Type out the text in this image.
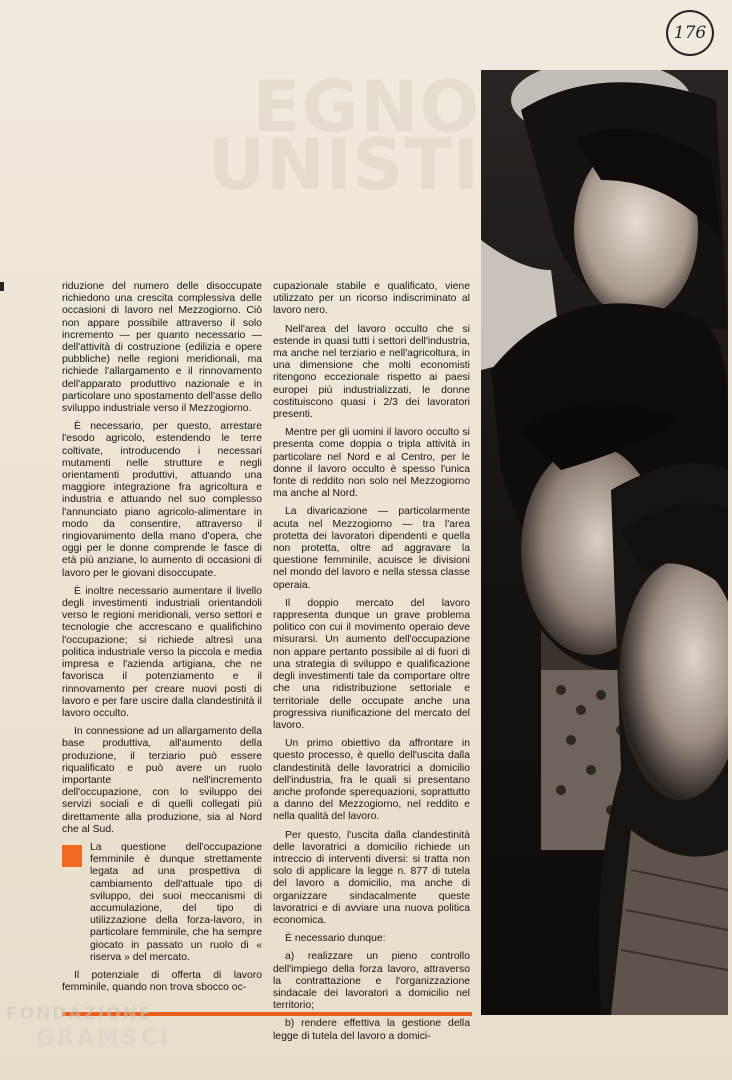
176
EGNO
UNISTI

riduzione del numero delle disoccupate richiedono una crescita complessiva delle occasioni di lavoro nel Mezzogiorno. Ciò non appare possibile attraverso il solo incremento — per quanto necessario — dell'attività di costruzione (edilizia e opere pubbliche) nelle regioni meridionali, ma richiede l'allargamento e il rinnovamento dell'apparato produttivo nazionale e in particolare uno spostamento dell'asse dello sviluppo industriale verso il Mezzogiorno.

È necessario, per questo, arrestare l'esodo agricolo, estendendo le terre coltivate, introducendo i necessari mutamenti nelle strutture e negli orientamenti produttivi, attuando una maggiore integrazione fra agricoltura e industria e attuando nel suo complesso l'annunciato piano agricolo-alimentare in modo da consentire, attraverso il ringiovanimento della mano d'opera, che oggi per le donne comprende le fasce di età più anziane, lo aumento di occasioni di lavoro per le giovani disoccupate.

È inoltre necessario aumentare il livello degli investimenti industriali orientandoli verso le regioni meridionali, verso settori e tecnologie che accrescano e qualifichino l'occupazione; si richiede altresì una politica industriale verso la piccola e media impresa e l'azienda artigiana, che ne favorisca il potenziamento e il rinnovamento per creare nuovi posti di lavoro e per fare uscire dalla clandestinità il lavoro occulto.

In connessione ad un allargamento della base produttiva, all'aumento della produzione, il terziario può essere riqualificato e può avere un ruolo importante nell'incremento dell'occupazione, con lo sviluppo dei servizi sociali e di quelli collegati più direttamente alla produzione, sia al Nord che al Sud.

La questione dell'occupazione femminile è dunque strettamente legata ad una prospettiva di cambiamento dell'attuale tipo di sviluppo, dei suoi meccanismi di accumulazione, del tipo di utilizzazione della forza-lavoro, in particolare femminile, che ha sempre giocato in passato un ruolo di « riserva » del mercato.

Il potenziale di offerta di lavoro femminile, quando non trova sbocco oc-

cupazionale stabile e qualificato, viene utilizzato per un ricorso indiscriminato al lavoro nero.

Nell'area del lavoro occulto che si estende in quasi tutti i settori dell'industria, ma anche nel terziario e nell'agricoltura, in una dimensione che molti economisti ritengono eccezionale rispetto ai paesi europei più industrializzati, le donne costituiscono quasi i 2/3 dei lavoratori presenti.

Mentre per gli uomini il lavoro occulto si presenta come doppia o tripla attività in particolare nel Nord e al Centro, per le donne il lavoro occulto è spesso l'unica fonte di reddito non solo nel Mezzogiorno ma anche al Nord.

La divaricazione — particolarmente acuta nel Mezzogiorno — tra l'area protetta dei lavoratori dipendenti e quella non protetta, oltre ad aggravare la questione femminile, acuisce le divisioni nel mondo del lavoro e nella stessa classe operaia.

Il doppio mercato del lavoro rappresenta dunque un grave problema politico con cui il movimento operaio deve misurarsi. Un aumento dell'occupazione non appare pertanto possibile al di fuori di una strategia di sviluppo e qualificazione degli investimenti tale da comportare oltre che una ridistribuzione settoriale e territoriale delle occupate anche una progressiva riunificazione del mercato del lavoro.

Un primo obiettivo da affrontare in questo processo, è quello dell'uscita dalla clandestinità delle lavoratrici a domicilio dell'industria, fra le quali si presentano anche profonde sperequazioni, soprattutto a danno del Mezzogiorno, nel reddito e nella qualità del lavoro.

Per questo, l'uscita dalla clandestinità delle lavoratrici a domicilio richiede un intreccio di interventi diversi: si tratta non solo di applicare la legge n. 877 di tutela del lavoro a domicilio, ma anche di organizzare sindacalmente queste lavoratrici e di avviare una nuova politica economica.

È necessario dunque:

a) realizzare un pieno controllo dell'impiego della forza lavoro, attraverso la contrattazione e l'organizzazione sindacale dei lavoratori a domicilio nel territorio;

b) rendere effettiva la gestione della legge di tutela del lavoro a domici-

FONDAZIONE
GRAMSCI
